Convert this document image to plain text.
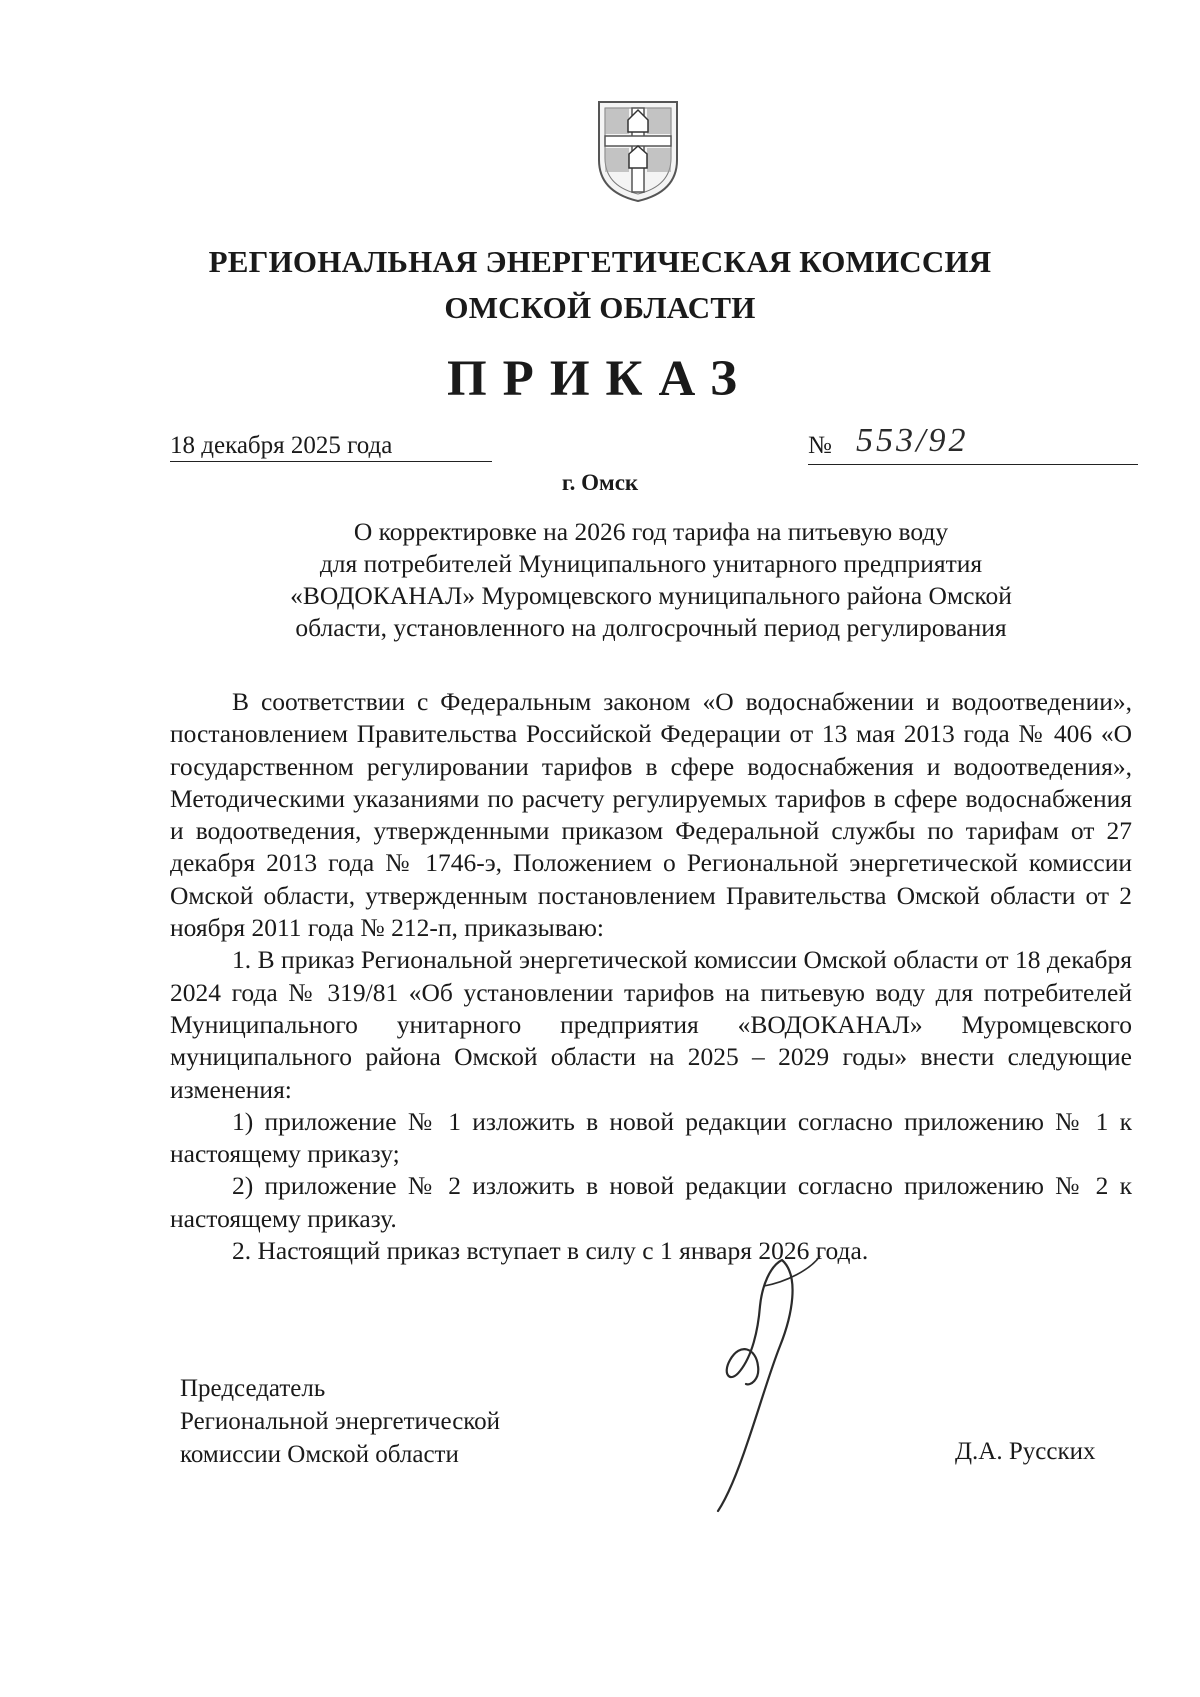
РЕГИОНАЛЬНАЯ ЭНЕРГЕТИЧЕСКАЯ КОМИССИЯ
ОМСКОЙ ОБЛАСТИ
ПРИКАЗ
18 декабря 2025 года	№ 553/92
г. Омск
О корректировке на 2026 год тарифа на питьевую воду
для потребителей Муниципального унитарного предприятия
«ВОДОКАНАЛ» Муромцевского муниципального района Омской
области, установленного на долгосрочный период регулирования

В соответствии с Федеральным законом «О водоснабжении и водоотведении», постановлением Правительства Российской Федерации от 13 мая 2013 года № 406 «О государственном регулировании тарифов в сфере водоснабжения и водоотведения», Методическими указаниями по расчету регулируемых тарифов в сфере водоснабжения и водоотведения, утвержденными приказом Федеральной службы по тарифам от 27 декабря 2013 года № 1746-э, Положением о Региональной энергетической комиссии Омской области, утвержденным постановлением Правительства Омской области от 2 ноября 2011 года № 212-п, приказываю:

1. В приказ Региональной энергетической комиссии Омской области от 18 декабря 2024 года № 319/81 «Об установлении тарифов на питьевую воду для потребителей Муниципального унитарного предприятия «ВОДОКАНАЛ» Муромцевского муниципального района Омской области на 2025 – 2029 годы» внести следующие изменения:

1) приложение № 1 изложить в новой редакции согласно приложению № 1 к настоящему приказу;

2) приложение № 2 изложить в новой редакции согласно приложению № 2 к настоящему приказу.

2. Настоящий приказ вступает в силу с 1 января 2026 года.

Председатель
Региональной энергетической
комиссии Омской области	Д.А. Русских
